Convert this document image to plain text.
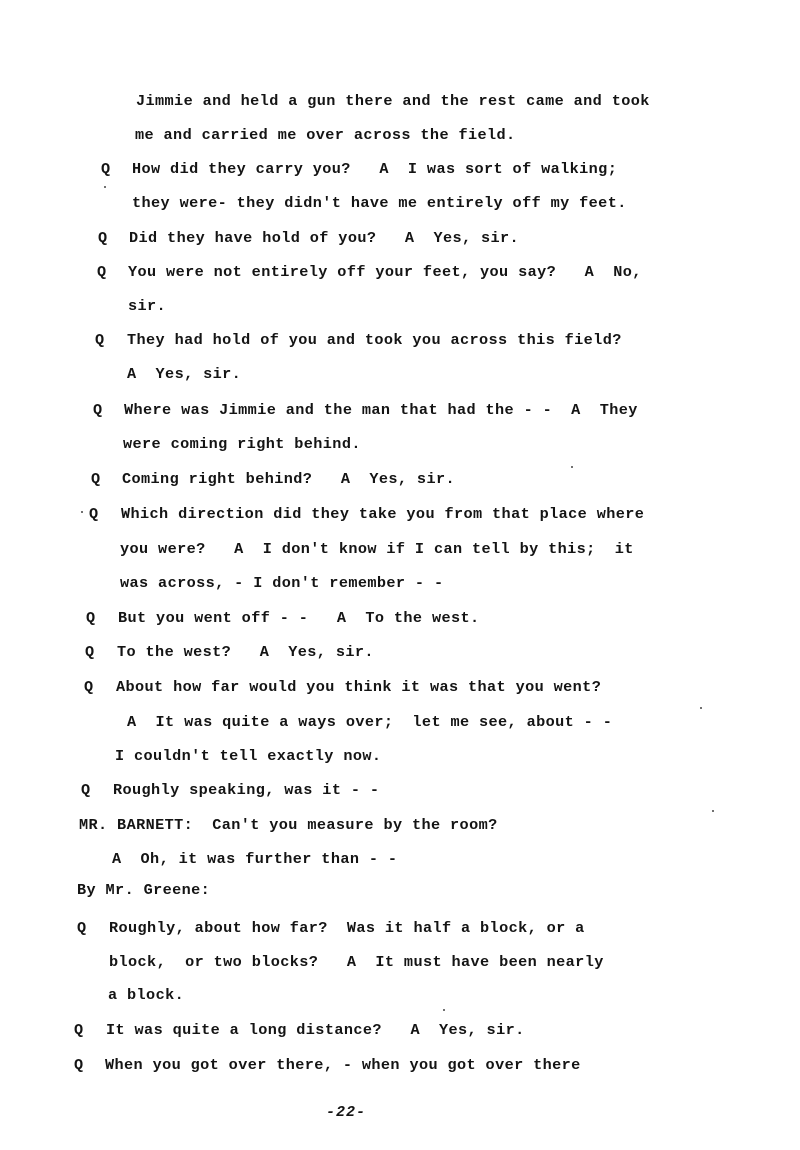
Jimmie and held a gun there and the rest came and took
me and carried me over across the field.
Q How did they carry you?   A  I was sort of walking;
they were- they didn't have me entirely off my feet.
Q Did they have hold of you?   A  Yes, sir.
Q You were not entirely off your feet, you say?   A  No,
sir.
Q They had hold of you and took you across this field?
A  Yes, sir.
Q Where was Jimmie and the man that had the - -  A  They
were coming right behind.
Q Coming right behind?   A  Yes, sir.
Q Which direction did they take you from that place where
you were?   A  I don't know if I can tell by this;  it
was across, - I don't remember - -
Q But you went off - -   A  To the west.
Q To the west?   A  Yes, sir.
Q About how far would you think it was that you went?
A  It was quite a ways over;  let me see, about - -
I couldn't tell exactly now.
Q Roughly speaking, was it - -
MR. BARNETT:  Can't you measure by the room?
A  Oh, it was further than - -
By Mr. Greene:
Q Roughly, about how far?  Was it half a block, or a
block,  or two blocks?   A  It must have been nearly
a block.
Q It was quite a long distance?   A  Yes, sir.
Q When you got over there, - when you got over there
-22-
